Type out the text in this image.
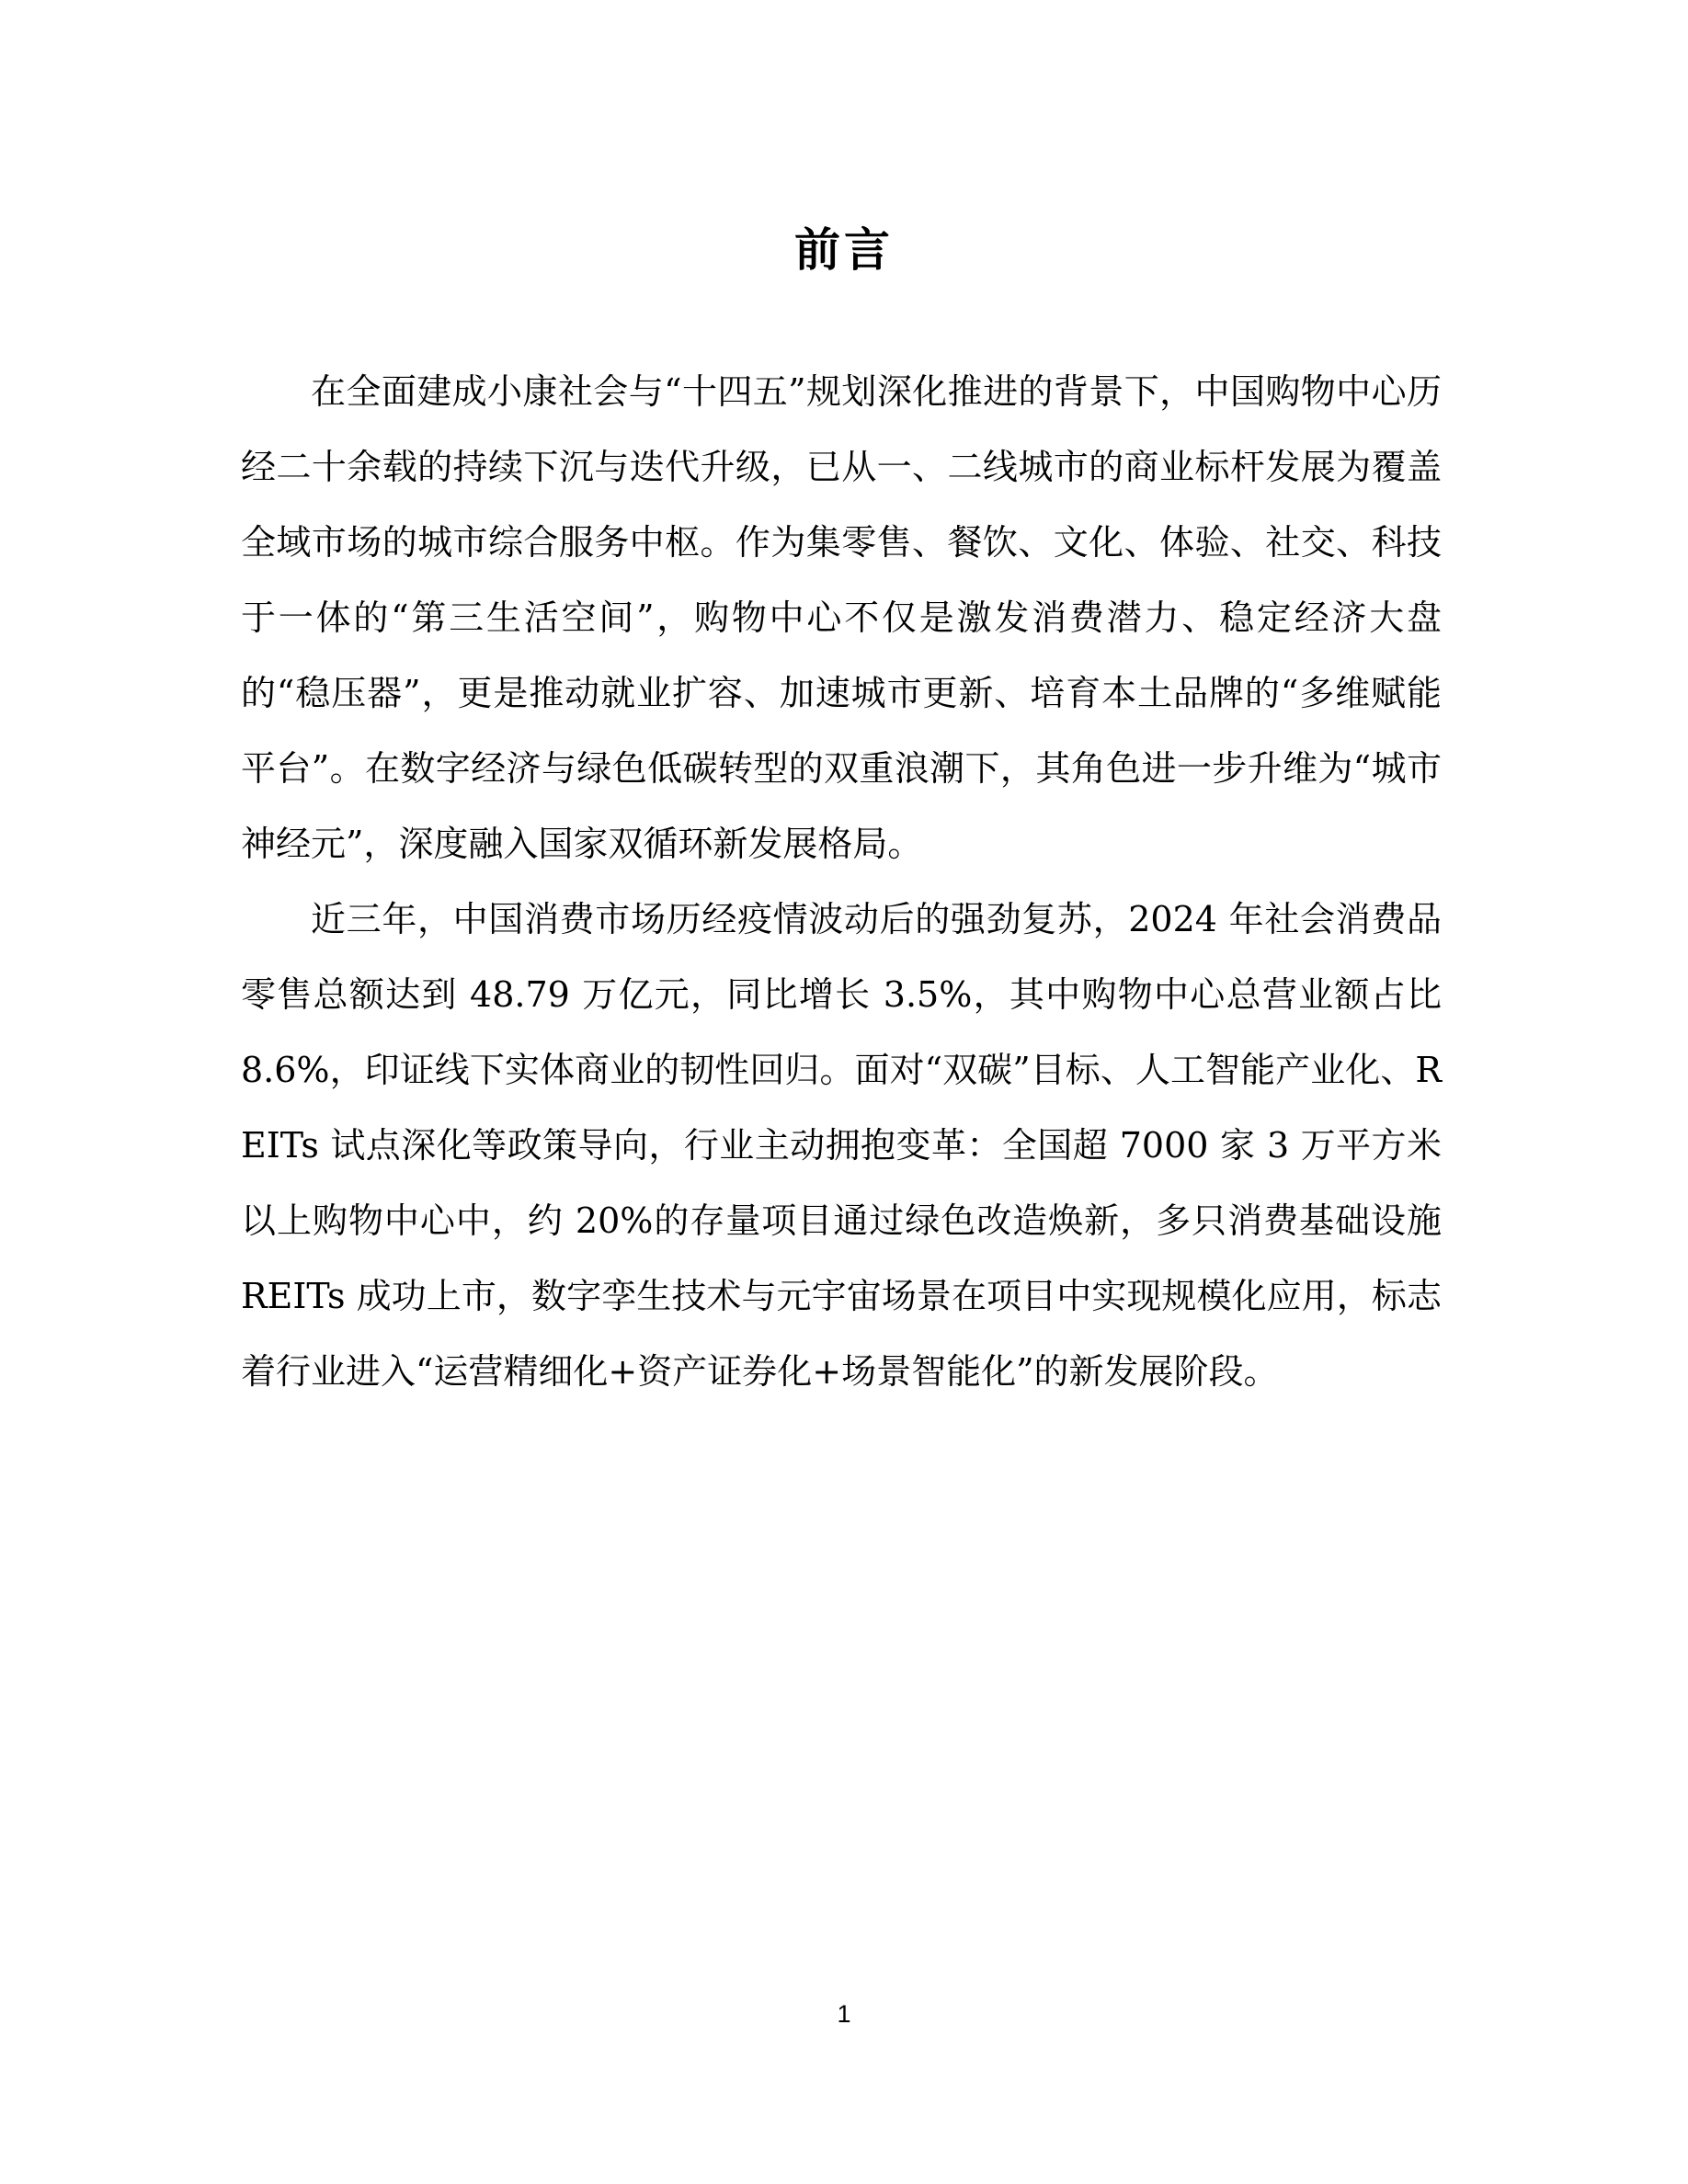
前言

在全面建成小康社会与“十四五”规划深化推进的背景下，中国购物中心历经二十余载的持续下沉与迭代升级，已从一、二线城市的商业标杆发展为覆盖全域市场的城市综合服务中枢。作为集零售、餐饮、文化、体验、社交、科技于一体的“第三生活空间”，购物中心不仅是激发消费潜力、稳定经济大盘的“稳压器”，更是推动就业扩容、加速城市更新、培育本土品牌的“多维赋能平台”。在数字经济与绿色低碳转型的双重浪潮下，其角色进一步升维为“城市神经元”，深度融入国家双循环新发展格局。

近三年，中国消费市场历经疫情波动后的强劲复苏，2024 年社会消费品零售总额达到 48.79 万亿元，同比增长 3.5%，其中购物中心总营业额占比 8.6%，印证线下实体商业的韧性回归。面对“双碳”目标、人工智能产业化、REITs 试点深化等政策导向，行业主动拥抱变革：全国超 7000 家 3 万平方米以上购物中心中，约 20%的存量项目通过绿色改造焕新，多只消费基础设施 REITs 成功上市，数字孪生技术与元宇宙场景在项目中实现规模化应用，标志着行业进入“运营精细化+资产证券化+场景智能化”的新发展阶段。

1
